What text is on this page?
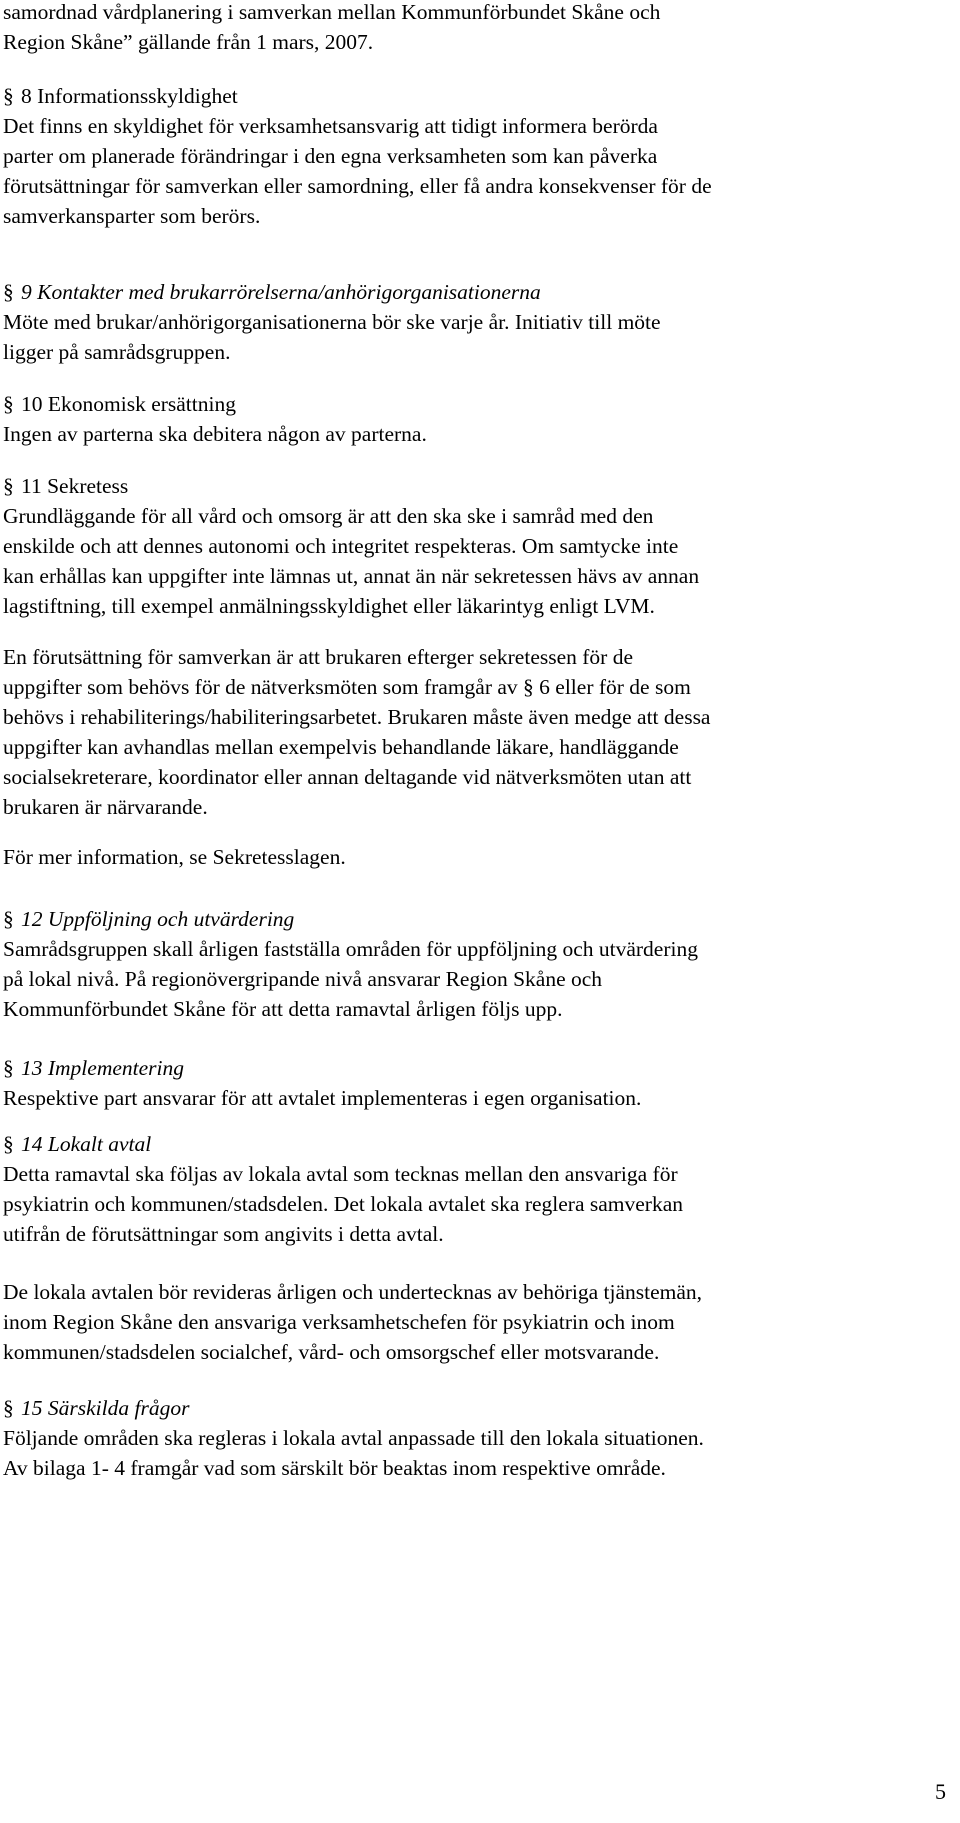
samordnad vårdplanering i samverkan mellan Kommunförbundet Skåne och
Region Skåne” gällande från 1 mars, 2007.
§ 8 Informationsskyldighet
Det finns en skyldighet för verksamhetsansvarig att tidigt informera berörda
parter om planerade förändringar i den egna verksamheten som kan påverka
förutsättningar för samverkan eller samordning, eller få andra konsekvenser för de
samverkansparter som berörs.
§ 9 Kontakter med brukarrörelserna/anhörigorganisationerna
Möte med brukar/anhörigorganisationerna bör ske varje år. Initiativ till möte
ligger på samrådsgruppen.
§ 10 Ekonomisk ersättning
Ingen av parterna ska debitera någon av parterna.
§ 11 Sekretess
Grundläggande för all vård och omsorg är att den ska ske i samråd med den
enskilde och att dennes autonomi och integritet respekteras. Om samtycke inte
kan erhållas kan uppgifter inte lämnas ut, annat än när sekretessen hävs av annan
lagstiftning, till exempel anmälningsskyldighet eller läkarintyg enligt LVM.
En förutsättning för samverkan är att brukaren efterger sekretessen för de
uppgifter som behövs för de nätverksmöten som framgår av § 6 eller för de som
behövs i rehabiliterings/habiliteringsarbetet. Brukaren måste även medge att dessa
uppgifter kan avhandlas mellan exempelvis behandlande läkare, handläggande
socialsekreterare, koordinator eller annan deltagande vid nätverksmöten utan att
brukaren är närvarande.
För mer information, se Sekretesslagen.
§ 12 Uppföljning och utvärdering
Samrådsgruppen skall årligen fastställa områden för uppföljning och utvärdering
på lokal nivå. På regionövergripande nivå ansvarar Region Skåne och
Kommunförbundet Skåne för att detta ramavtal årligen följs upp.
§ 13 Implementering
Respektive part ansvarar för att avtalet implementeras i egen organisation.
§ 14 Lokalt avtal
Detta ramavtal ska följas av lokala avtal som tecknas mellan den ansvariga för
psykiatrin och kommunen/stadsdelen. Det lokala avtalet ska reglera samverkan
utifrån de förutsättningar som angivits i detta avtal.
De lokala avtalen bör revideras årligen och undertecknas av behöriga tjänstemän,
inom Region Skåne den ansvariga verksamhetschefen för psykiatrin och inom
kommunen/stadsdelen socialchef, vård- och omsorgschef eller motsvarande.
§ 15 Särskilda frågor
Följande områden ska regleras i lokala avtal anpassade till den lokala situationen.
Av bilaga 1- 4 framgår vad som särskilt bör beaktas inom respektive område.
5
